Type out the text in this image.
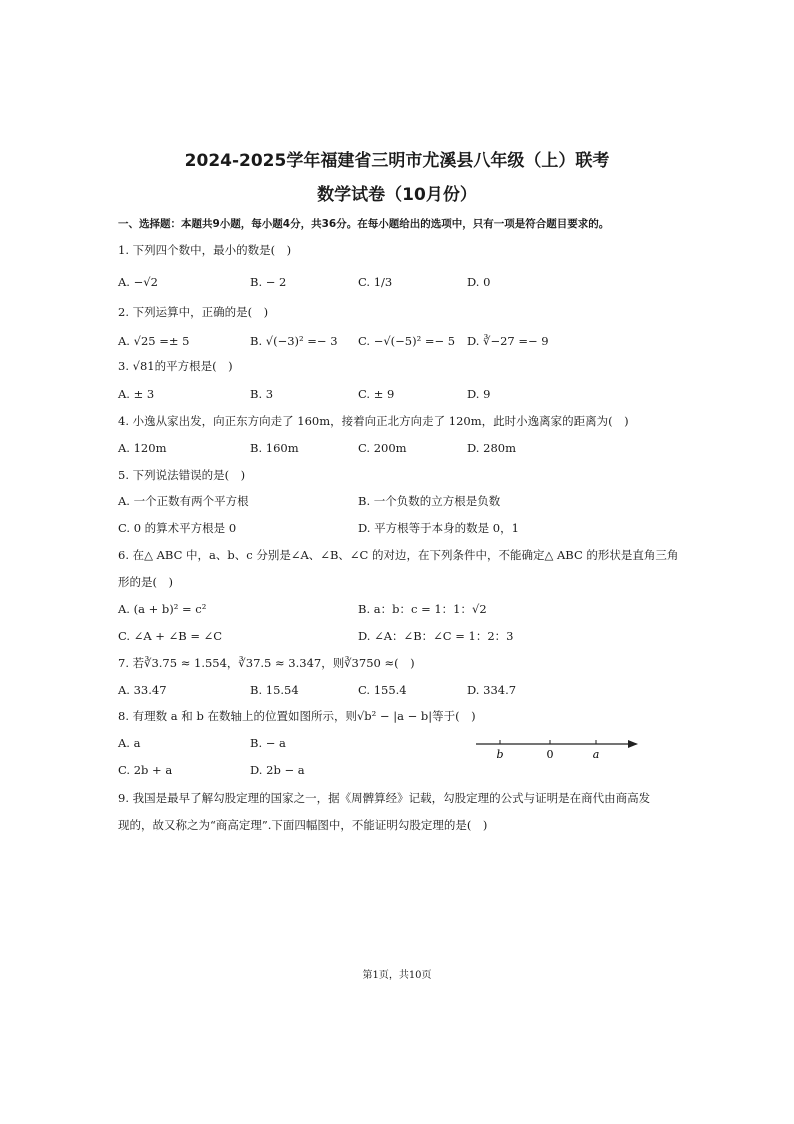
2024-2025学年福建省三明市尤溪县八年级（上）联考
数学试卷（10月份）
一、选择题：本题共9小题，每小题4分，共36分。在每小题给出的选项中，只有一项是符合题目要求的。
1. 下列四个数中，最小的数是(　)
A. −√2	B. − 2	C. 1/3	D. 0
2. 下列运算中，正确的是(　)
A. √25 =± 5	B. √(−3)² =− 3 C. −√(−5)² =− 5 D. ∛−27 =− 9
3. √81的平方根是(　)
A. ± 3	B. 3	C. ± 9	D. 9
4. 小逸从家出发，向正东方向走了 160m，接着向正北方向走了 120m，此时小逸离家的距离为(　)
A. 120m	B. 160m	C. 200m	D. 280m
5. 下列说法错误的是(　)
A. 一个正数有两个平方根	B. 一个负数的立方根是负数
C. 0 的算术平方根是 0	D. 平方根等于本身的数是 0，1
6. 在△ ABC 中，a、b、c 分别是∠A、∠B、∠C 的对边，在下列条件中，不能确定△ ABC 的形状是直角三角
形的是(　)
A. (a + b)² = c²	B. a：b：c = 1：1：√2
C. ∠A + ∠B = ∠C	D. ∠A：∠B：∠C = 1：2：3
7. 若∛3.75 ≈ 1.554，∛37.5 ≈ 3.347，则∛3750 ≈(　)
A. 33.47	B. 15.54	C. 155.4	D. 334.7
8. 有理数 a 和 b 在数轴上的位置如图所示，则√b² − |a − b|等于(　)
A. a	B. − a
C. 2b + a	D. 2b − a
b	0	a
9. 我国是最早了解勾股定理的国家之一，据《周髀算经》记载，勾股定理的公式与证明是在商代由商高发
现的，故又称之为“商高定理”.下面四幅图中，不能证明勾股定理的是(　)
第1页，共10页
